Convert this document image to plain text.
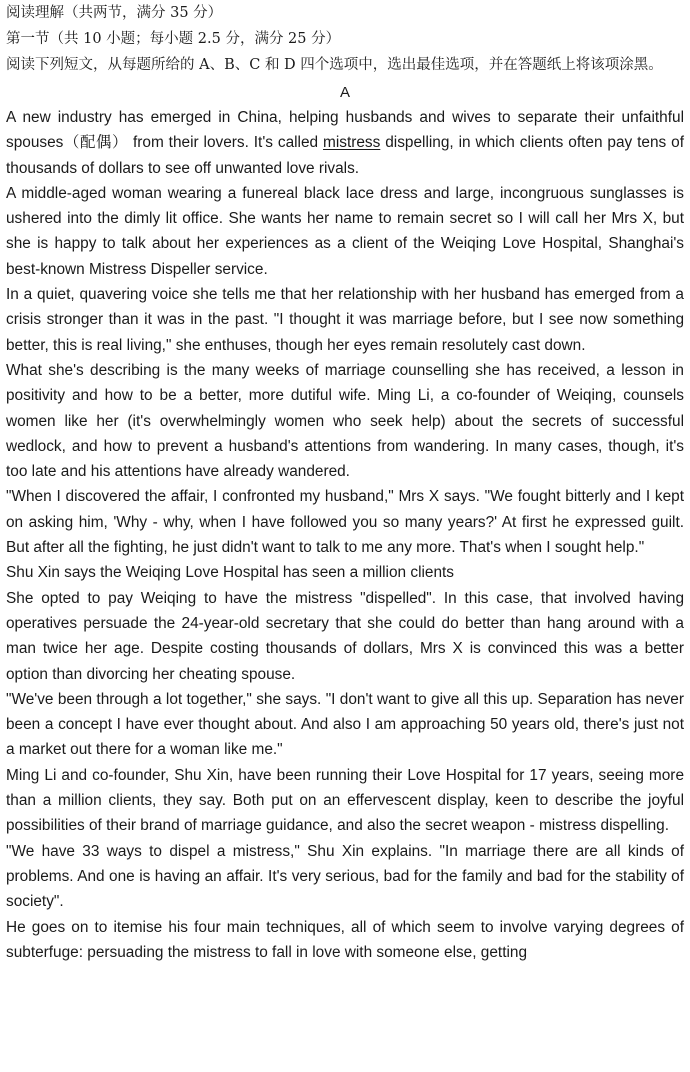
阅读理解（共两节，满分 35 分）

第一节（共 10 小题；每小题 2.5 分，满分 25 分）

阅读下列短文，从每题所给的 A、B、C 和 D 四个选项中，选出最佳选项，并在答题纸上将该项涂黑。

A

A new industry has emerged in China, helping husbands and wives to separate their unfaithful spouses（配偶） from their lovers. It's called mistress dispelling, in which clients often pay tens of thousands of dollars to see off unwanted love rivals.

A middle-aged woman wearing a funereal black lace dress and large, incongruous sunglasses is ushered into the dimly lit office. She wants her name to remain secret so I will call her Mrs X, but she is happy to talk about her experiences as a client of the Weiqing Love Hospital, Shanghai's best-known Mistress Dispeller service.

In a quiet, quavering voice she tells me that her relationship with her husband has emerged from a crisis stronger than it was in the past. "I thought it was marriage before, but I see now something better, this is real living," she enthuses, though her eyes remain resolutely cast down.

What she's describing is the many weeks of marriage counselling she has received, a lesson in positivity and how to be a better, more dutiful wife. Ming Li, a co-founder of Weiqing, counsels women like her (it's overwhelmingly women who seek help) about the secrets of successful wedlock, and how to prevent a husband's attentions from wandering. In many cases, though, it's too late and his attentions have already wandered.

"When I discovered the affair, I confronted my husband," Mrs X says. "We fought bitterly and I kept on asking him, 'Why - why, when I have followed you so many years?' At first he expressed guilt. But after all the fighting, he just didn't want to talk to me any more. That's when I sought help."

Shu Xin says the Weiqing Love Hospital has seen a million clients

She opted to pay Weiqing to have the mistress "dispelled". In this case, that involved having operatives persuade the 24-year-old secretary that she could do better than hang around with a man twice her age. Despite costing thousands of dollars, Mrs X is convinced this was a better option than divorcing her cheating spouse.

"We've been through a lot together," she says. "I don't want to give all this up. Separation has never been a concept I have ever thought about. And also I am approaching 50 years old, there's just not a market out there for a woman like me."

Ming Li and co-founder, Shu Xin, have been running their Love Hospital for 17 years, seeing more than a million clients, they say. Both put on an effervescent display, keen to describe the joyful possibilities of their brand of marriage guidance, and also the secret weapon - mistress dispelling.

"We have 33 ways to dispel a mistress," Shu Xin explains. "In marriage there are all kinds of problems. And one is having an affair. It's very serious, bad for the family and bad for the stability of society".

He goes on to itemise his four main techniques, all of which seem to involve varying degrees of subterfuge: persuading the mistress to fall in love with someone else, getting
